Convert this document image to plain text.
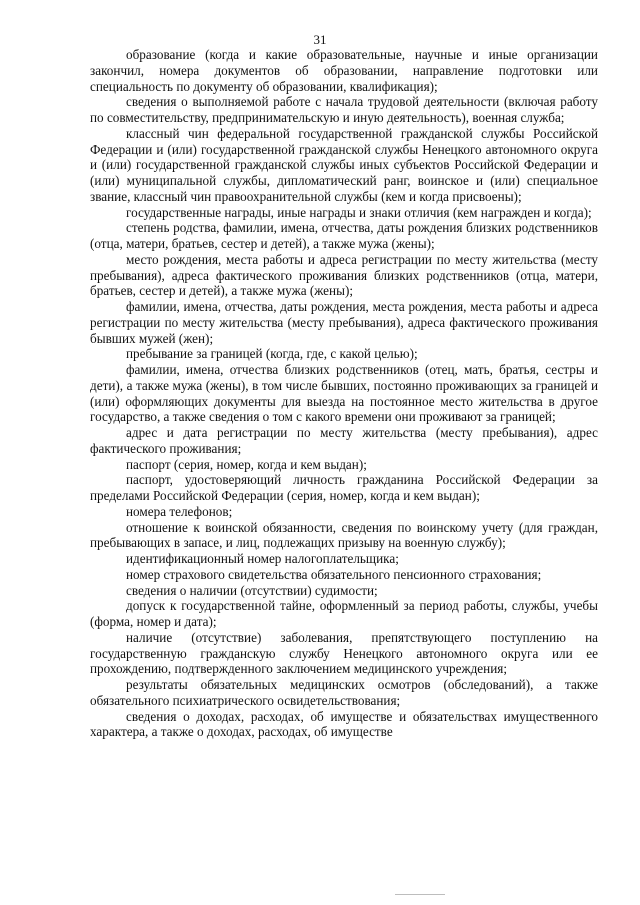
31

образование (когда и какие образовательные, научные и иные организации закончил, номера документов об образовании, направление подготовки или специальность по документу об образовании, квалификация);

сведения о выполняемой работе с начала трудовой деятельности (включая работу по совместительству, предпринимательскую и иную деятельность), военная служба;

классный чин федеральной государственной гражданской службы Российской Федерации и (или) государственной гражданской службы Ненецкого автономного округа и (или) государственной гражданской службы иных субъектов Российской Федерации и (или) муниципальной службы, дипломатический ранг, воинское и (или) специальное звание, классный чин правоохранительной службы (кем и когда присвоены);

государственные награды, иные награды и знаки отличия (кем награжден и когда);

степень родства, фамилии, имена, отчества, даты рождения близких родственников (отца, матери, братьев, сестер и детей), а также мужа (жены);

место рождения, места работы и адреса регистрации по месту жительства (месту пребывания), адреса фактического проживания близких родственников (отца, матери, братьев, сестер и детей), а также мужа (жены);

фамилии, имена, отчества, даты рождения, места рождения, места работы и адреса регистрации по месту жительства (месту пребывания), адреса фактического проживания бывших мужей (жен);

пребывание за границей (когда, где, с какой целью);

фамилии, имена, отчества близких родственников (отец, мать, братья, сестры и дети), а также мужа (жены), в том числе бывших, постоянно проживающих за границей и (или) оформляющих документы для выезда на постоянное место жительства в другое государство, а также сведения о том с какого времени они проживают за границей;

адрес и дата регистрации по месту жительства (месту пребывания), адрес фактического проживания;

паспорт (серия, номер, когда и кем выдан);

паспорт, удостоверяющий личность гражданина Российской Федерации за пределами Российской Федерации (серия, номер, когда и кем выдан);

номера телефонов;

отношение к воинской обязанности, сведения по воинскому учету (для граждан, пребывающих в запасе, и лиц, подлежащих призыву на военную службу);

идентификационный номер налогоплательщика;

номер страхового свидетельства обязательного пенсионного страхования;

сведения о наличии (отсутствии) судимости;

допуск к государственной тайне, оформленный за период работы, службы, учебы (форма, номер и дата);

наличие (отсутствие) заболевания, препятствующего поступлению на государственную гражданскую службу Ненецкого автономного округа или ее прохождению, подтвержденного заключением медицинского учреждения;

результаты обязательных медицинских осмотров (обследований), а также обязательного психиатрического освидетельствования;

сведения о доходах, расходах, об имуществе и обязательствах имущественного характера, а также о доходах, расходах, об имуществе
